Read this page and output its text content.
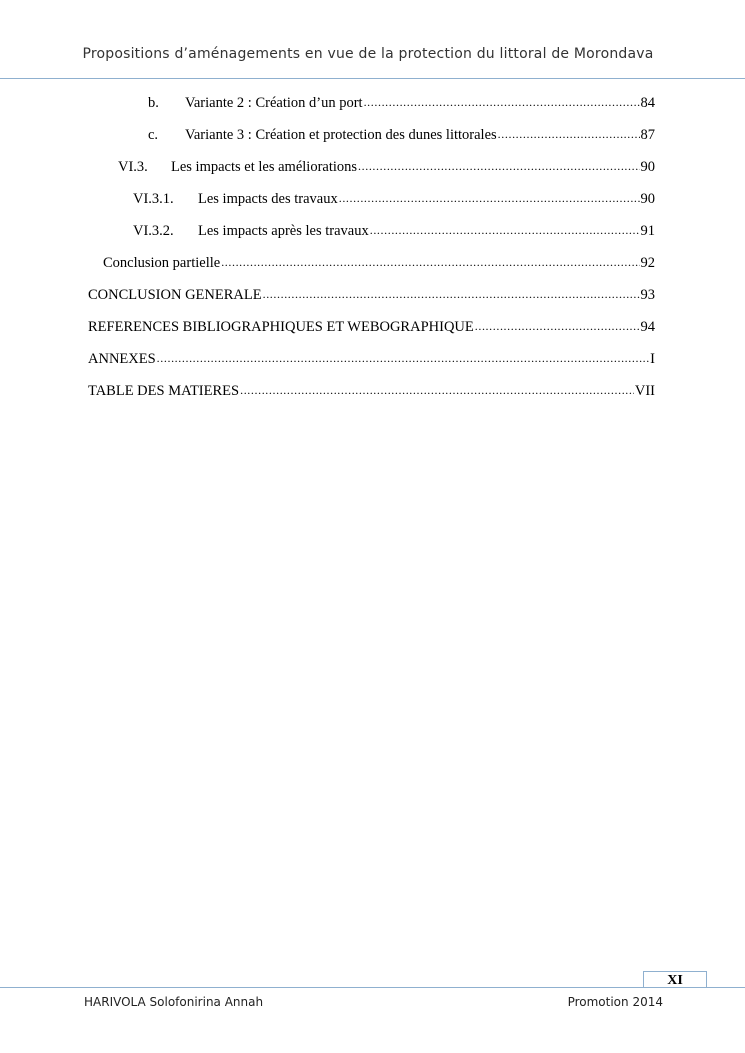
Propositions d’aménagements en vue de la protection du littoral de Morondava
b.	Variante 2 : Création d’un port .....	84
c.	Variante 3 : Création et protection des dunes littorales .....	87
VI.3.	Les impacts et les améliorations .....	90
VI.3.1.	Les impacts des travaux .....	90
VI.3.2.	Les impacts après les travaux .....	91
Conclusion partielle .....	92
CONCLUSION GENERALE .....	93
REFERENCES BIBLIOGRAPHIQUES ET WEBOGRAPHIQUE .....	94
ANNEXES .....	I
TABLE DES MATIERES .....	VII
XI
HARIVOLA Solofonirina Annah	Promotion 2014
